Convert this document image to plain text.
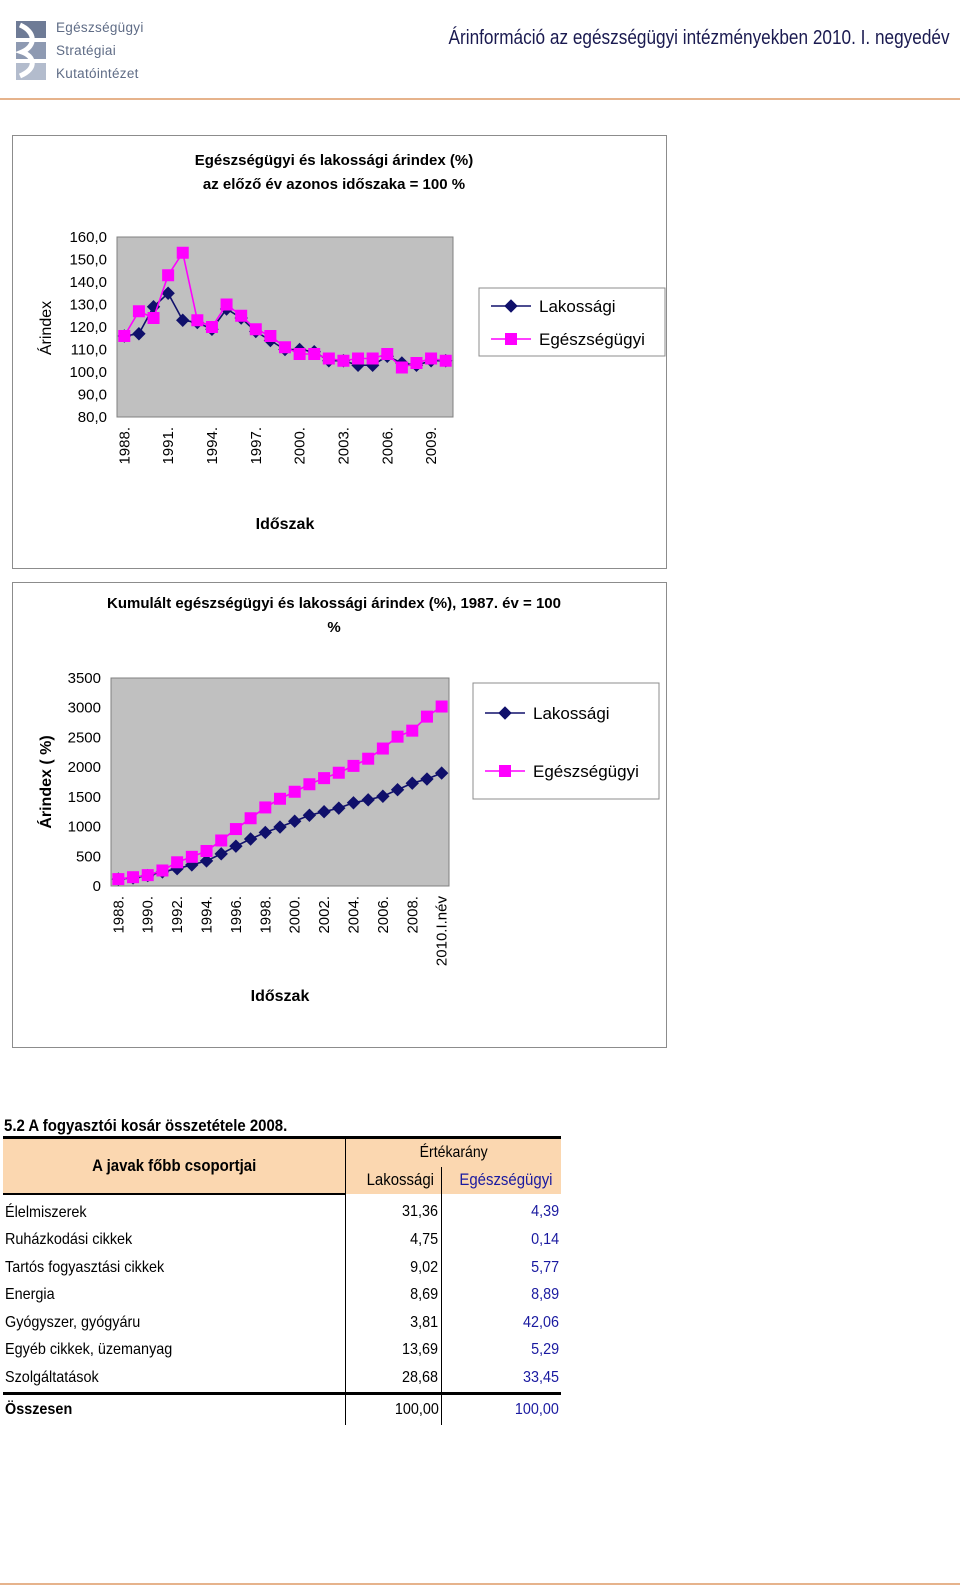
Egészségügyi
Stratégiai
Kutatóintézet
Árinformáció az egészségügyi intézményekben 2010. I. negyedév
Egészségügyi és lakossági árindex (%)
az előző év azonos időszaka = 100 %
80,0
90,0
100,0
110,0
120,0
130,0
140,0
150,0
160,0
1988. 1991. 1994. 1997. 2000. 2003. 2006. 2009.
Időszak
Árindex	Lakossági
Egészségügyi
Kumulált egészségügyi és lakossági árindex (%), 1987. év = 100
%
0
500
1000
1500
2000
2500
3000
3500
1988. 1990. 1992. 1994. 1996. 1998. 2000. 2002. 2004. 2006. 2008. 2010.I.név
Időszak
Árindex ( %)
Lakossági
Egészségügyi
5.2 A fogyasztói kosár összetétele 2008.
A javak főbb csoportjai	Értékarány	
	Lakossági	Egészségügyi
Élelmiszerek	31,36	4,39
Ruházkodási cikkek	4,75	0,14
Tartós fogyasztási cikkek	9,02	5,77
Energia	8,69	8,89
Gyógyszer, gyógyáru	3,81	42,06
Egyéb cikkek, üzemanyag	13,69	5,29
Szolgáltatások	28,68	33,45
Összesen	100,00	100,00
